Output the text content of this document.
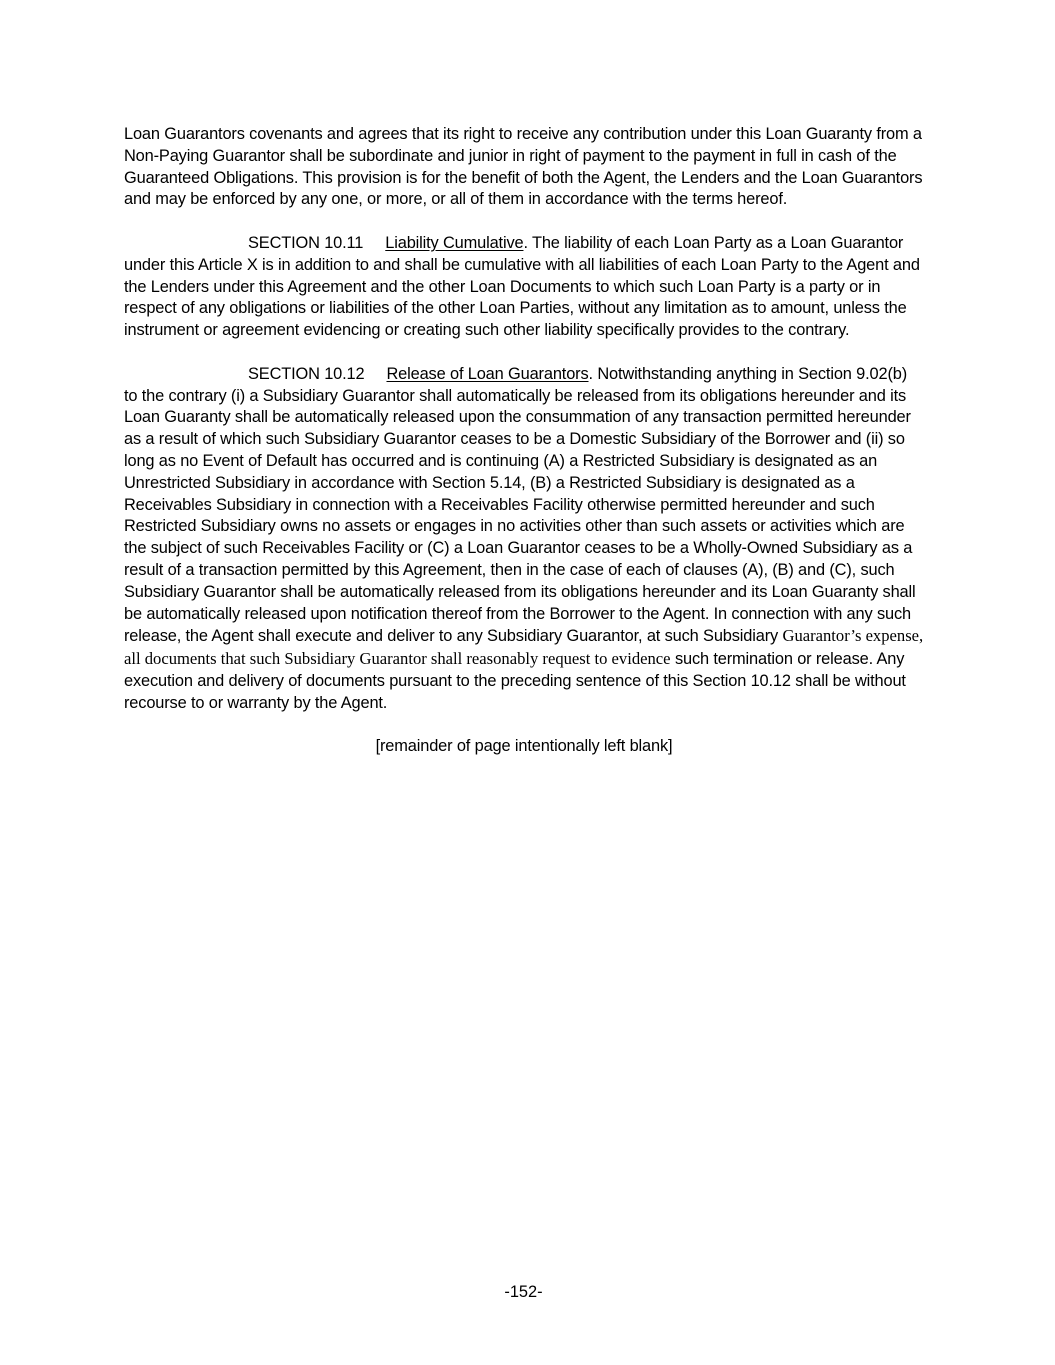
Loan Guarantors covenants and agrees that its right to receive any contribution under this Loan Guaranty from a Non-Paying Guarantor shall be subordinate and junior in right of payment to the payment in full in cash of the Guaranteed Obligations. This provision is for the benefit of both the Agent, the Lenders and the Loan Guarantors and may be enforced by any one, or more, or all of them in accordance with the terms hereof.

SECTION 10.11 Liability Cumulative. The liability of each Loan Party as a Loan Guarantor under this Article X is in addition to and shall be cumulative with all liabilities of each Loan Party to the Agent and the Lenders under this Agreement and the other Loan Documents to which such Loan Party is a party or in respect of any obligations or liabilities of the other Loan Parties, without any limitation as to amount, unless the instrument or agreement evidencing or creating such other liability specifically provides to the contrary.

SECTION 10.12 Release of Loan Guarantors. Notwithstanding anything in Section 9.02(b) to the contrary (i) a Subsidiary Guarantor shall automatically be released from its obligations hereunder and its Loan Guaranty shall be automatically released upon the consummation of any transaction permitted hereunder as a result of which such Subsidiary Guarantor ceases to be a Domestic Subsidiary of the Borrower and (ii) so long as no Event of Default has occurred and is continuing (A) a Restricted Subsidiary is designated as an Unrestricted Subsidiary in accordance with Section 5.14, (B) a Restricted Subsidiary is designated as a Receivables Subsidiary in connection with a Receivables Facility otherwise permitted hereunder and such Restricted Subsidiary owns no assets or engages in no activities other than such assets or activities which are the subject of such Receivables Facility or (C) a Loan Guarantor ceases to be a Wholly-Owned Subsidiary as a result of a transaction permitted by this Agreement, then in the case of each of clauses (A), (B) and (C), such Subsidiary Guarantor shall be automatically released from its obligations hereunder and its Loan Guaranty shall be automatically released upon notification thereof from the Borrower to the Agent. In connection with any such release, the Agent shall execute and deliver to any Subsidiary Guarantor, at such Subsidiary Guarantor’s expense, all documents that such Subsidiary Guarantor shall reasonably request to evidence such termination or release. Any execution and delivery of documents pursuant to the preceding sentence of this Section 10.12 shall be without recourse to or warranty by the Agent.

[remainder of page intentionally left blank]

-152-
